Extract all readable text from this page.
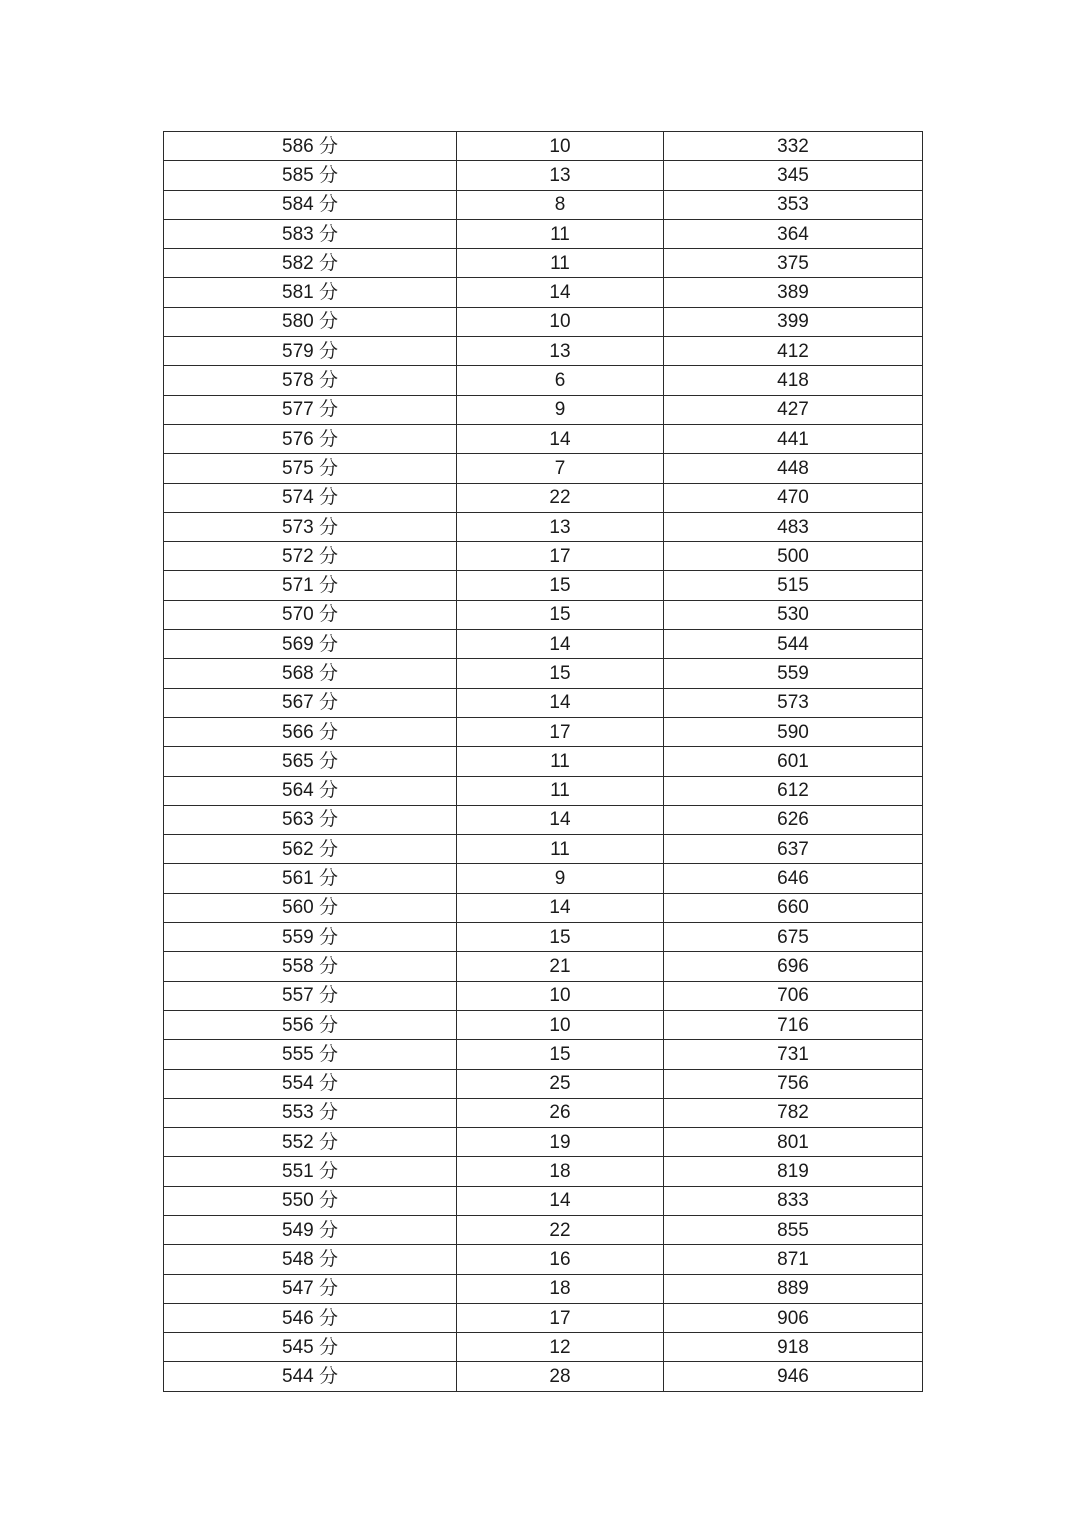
586 分	10	332
585 分	13	345
584 分	8	353
583 分	11	364
582 分	11	375
581 分	14	389
580 分	10	399
579 分	13	412
578 分	6	418
577 分	9	427
576 分	14	441
575 分	7	448
574 分	22	470
573 分	13	483
572 分	17	500
571 分	15	515
570 分	15	530
569 分	14	544
568 分	15	559
567 分	14	573
566 分	17	590
565 分	11	601
564 分	11	612
563 分	14	626
562 分	11	637
561 分	9	646
560 分	14	660
559 分	15	675
558 分	21	696
557 分	10	706
556 分	10	716
555 分	15	731
554 分	25	756
553 分	26	782
552 分	19	801
551 分	18	819
550 分	14	833
549 分	22	855
548 分	16	871
547 分	18	889
546 分	17	906
545 分	12	918
544 分	28	946
